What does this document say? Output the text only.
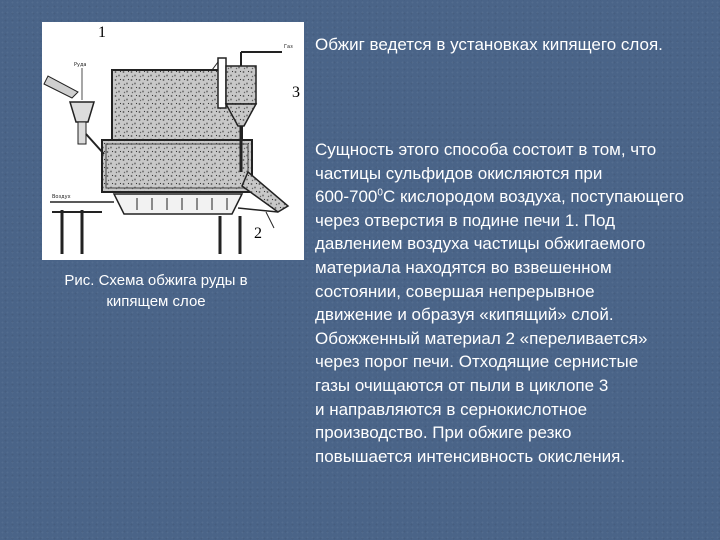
Воздух
Руда
Газ
1
3
2
Рис. Схема обжига руды в кипящем слое
Обжиг ведется в установках кипящего слоя.
Сущность этого способа состоит в том, что
частицы сульфидов окисляются при
$600-700^0С$ кислородом воздуха, поступающего
через отверстия в подине печи 1. Под
давлением воздуха частицы обжигаемого
материала находятся во взвешенном
состоянии, совершая непрерывное
движение и образуя «кипящий» слой.
Обожженный материал 2 «переливается»
через порог печи. Отходящие сернистые
газы очищаются от пыли в циклопе 3
и направляются в сернокислотное
производство. При обжиге резко
повышается интенсивность окисления.
